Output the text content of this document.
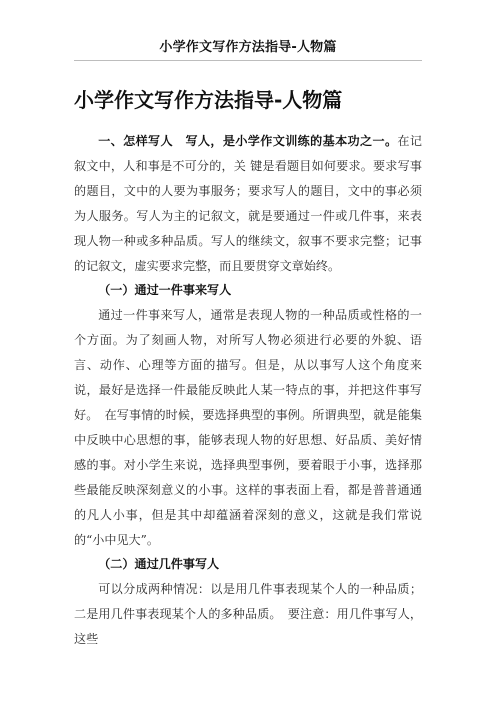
小学作文写作方法指导-人物篇
小学作文写作方法指导-人物篇

一、怎样写人　写人，是小学作文训练的基本功之一。在记叙文中，人和事是不可分的，关 键是看题目如何要求。要求写事的题目，文中的人要为事服务；要求写人的题目，文中的事必须为人服务。写人为主的记叙文，就是要通过一件或几件事，来表现人物一种或多种品质。写人的继续文，叙事不要求完整；记事的记叙文，虚实要求完整，而且要贯穿文章始终。

（一）通过一件事来写人

通过一件事来写人，通常是表现人物的一种品质或性格的一个方面。为了刻画人物，对所写人物必须进行必要的外貌、语言、动作、心理等方面的描写。但是，从以事写人这个角度来说，最好是选择一件最能反映此人某一特点的事，并把这件事写好。　在写事情的时候，要选择典型的事例。所谓典型，就是能集中反映中心思想的事，能够表现人物的好思想、好品质、美好情感的事。对小学生来说，选择典型事例，要着眼于小事，选择那些最能反映深刻意义的小事。这样的事表面上看，都是普普通通的凡人小事，但是其中却蕴涵着深刻的意义，这就是我们常说的“小中见大”。

（二）通过几件事写人

可以分成两种情况：以是用几件事表现某个人的一种品质；二是用几件事表现某个人的多种品质。　要注意：用几件事写人，这些
